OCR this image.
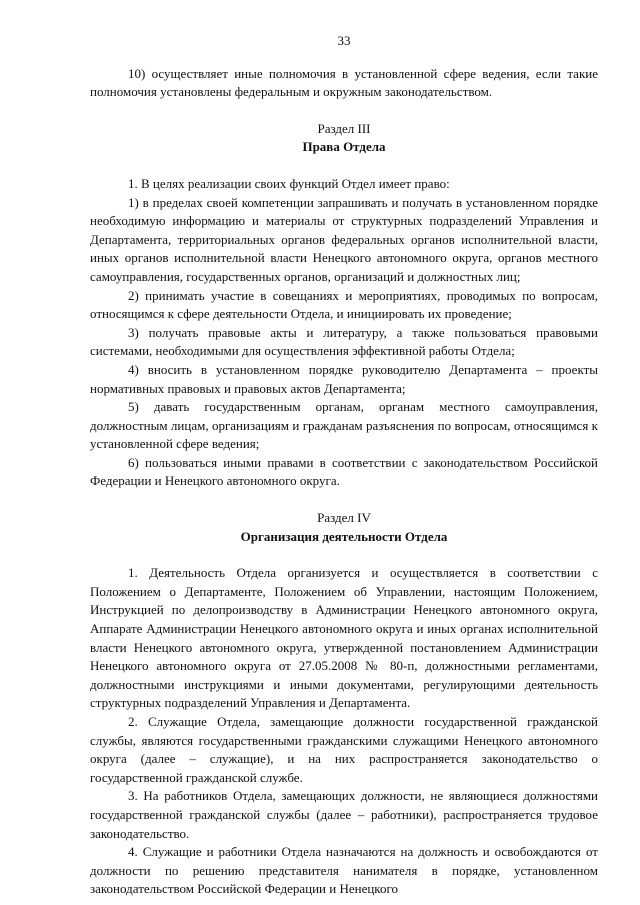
33

10) осуществляет иные полномочия в установленной сфере ведения, если такие полномочия установлены федеральным и окружным законодательством.

Раздел III

Права Отдела

1. В целях реализации своих функций Отдел имеет право:

1) в пределах своей компетенции запрашивать и получать в установленном порядке необходимую информацию и материалы от структурных подразделений Управления и Департамента, территориальных органов федеральных органов исполнительной власти, иных органов исполнительной власти Ненецкого автономного округа, органов местного самоуправления, государственных органов, организаций и должностных лиц;

2) принимать участие в совещаниях и мероприятиях, проводимых по вопросам, относящимся к сфере деятельности Отдела, и инициировать их проведение;

3) получать правовые акты и литературу, а также пользоваться правовыми системами, необходимыми для осуществления эффективной работы Отдела;

4) вносить в установленном порядке руководителю Департамента – проекты нормативных правовых и правовых актов Департамента;

5) давать государственным органам, органам местного самоуправления, должностным лицам, организациям и гражданам разъяснения по вопросам, относящимся к установленной сфере ведения;

6) пользоваться иными правами в соответствии с законодательством Российской Федерации и Ненецкого автономного округа.

Раздел IV

Организация деятельности Отдела

1. Деятельность Отдела организуется и осуществляется в соответствии с Положением о Департаменте, Положением об Управлении, настоящим Положением, Инструкцией по делопроизводству в Администрации Ненецкого автономного округа, Аппарате Администрации Ненецкого автономного округа и иных органах исполнительной власти Ненецкого автономного округа, утвержденной постановлением Администрации Ненецкого автономного округа от 27.05.2008 № 80-п, должностными регламентами, должностными инструкциями и иными документами, регулирующими деятельность структурных подразделений Управления и Департамента.

2. Служащие Отдела, замещающие должности государственной гражданской службы, являются государственными гражданскими служащими Ненецкого автономного округа (далее – служащие), и на них распространяется законодательство о государственной гражданской службе.

3. На работников Отдела, замещающих должности, не являющиеся должностями государственной гражданской службы (далее – работники), распространяется трудовое законодательство.

4. Служащие и работники Отдела назначаются на должность и освобождаются от должности по решению представителя нанимателя в порядке, установленном законодательством Российской Федерации и Ненецкого
